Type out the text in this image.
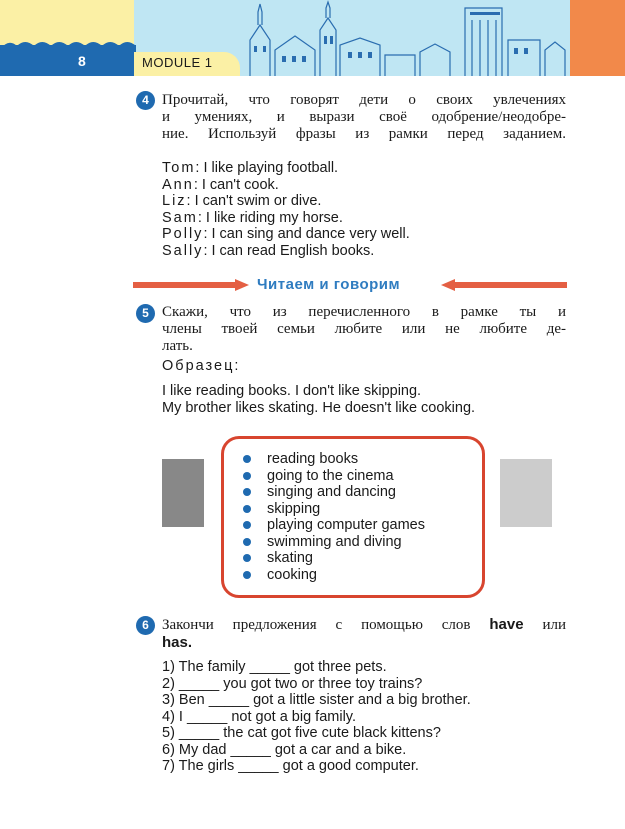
8	MODULE 1
4 Прочитай, что говорят дети о своих увлечениях
и умениях, и вырази своё одобрение/неодобре-
ние. Используй фразы из рамки перед заданием.
Tom: I like playing football.
Ann: I can't cook.
Liz: I can't swim or dive.
Sam: I like riding my horse.
Polly: I can sing and dance very well.
Sally: I can read English books.
Читаем и говорим
5 Скажи, что из перечисленного в рамке ты и
члены твоей семьи любите или не любите де-
лать.
Образец:
I like reading books. I don't like skipping.
My brother likes skating. He doesn't like cooking.
reading books
going to the cinema
singing and dancing
skipping
playing computer games
swimming and diving
skating
cooking
6 Закончи предложения с помощью слов have или
has.
1) The family _____ got three pets.
2) _____ you got two or three toy trains?
3) Ben _____ got a little sister and a big brother.
4) I _____ not got a big family.
5) _____ the cat got five cute black kittens?
6) My dad _____ got a car and a bike.
7) The girls _____ got a good computer.
